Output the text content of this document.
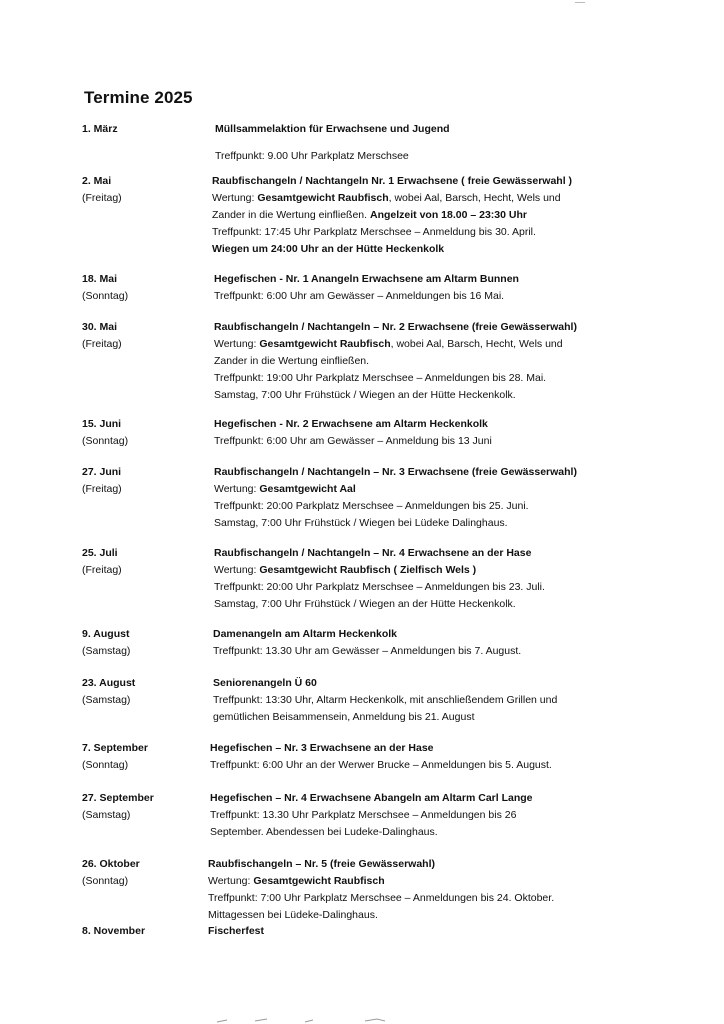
Termine 2025
1. März	Müllsammelaktion für Erwachsene und Jugend
Treffpunkt: 9.00 Uhr Parkplatz Merschsee
2. Mai
(Freitag)
Raubfischangeln / Nachtangeln Nr. 1 Erwachsene ( freie Gewässerwahl )
Wertung: Gesamtgewicht Raubfisch, wobei Aal, Barsch, Hecht, Wels und
Zander in die Wertung einfließen. Angelzeit von 18.00 – 23:30 Uhr
Treffpunkt: 17:45 Uhr Parkplatz Merschsee – Anmeldung bis 30. April.
Wiegen um 24:00 Uhr an der Hütte Heckenkolk
18. Mai
(Sonntag)
Hegefischen - Nr. 1 Anangeln Erwachsene am Altarm Bunnen
Treffpunkt: 6:00 Uhr am Gewässer – Anmeldungen bis 16 Mai.
30. Mai
(Freitag)
Raubfischangeln / Nachtangeln – Nr. 2 Erwachsene (freie Gewässerwahl)
Wertung: Gesamtgewicht Raubfisch, wobei Aal, Barsch, Hecht, Wels und
Zander in die Wertung einfließen.
Treffpunkt: 19:00 Uhr Parkplatz Merschsee – Anmeldungen bis 28. Mai.
Samstag, 7:00 Uhr Frühstück / Wiegen an der Hütte Heckenkolk.
15. Juni
(Sonntag)
Hegefischen - Nr. 2 Erwachsene am Altarm Heckenkolk
Treffpunkt: 6:00 Uhr am Gewässer – Anmeldung bis 13 Juni
27. Juni
(Freitag)
Raubfischangeln / Nachtangeln – Nr. 3 Erwachsene (freie Gewässerwahl)
Wertung: Gesamtgewicht Aal
Treffpunkt: 20:00 Parkplatz Merschsee – Anmeldungen bis 25. Juni.
Samstag, 7:00 Uhr Frühstück / Wiegen bei Lüdeke Dalinghaus.
25. Juli
(Freitag)
Raubfischangeln / Nachtangeln – Nr. 4 Erwachsene an der Hase
Wertung: Gesamtgewicht Raubfisch ( Zielfisch Wels )
Treffpunkt: 20:00 Uhr Parkplatz Merschsee – Anmeldungen bis 23. Juli.
Samstag, 7:00 Uhr Frühstück / Wiegen an der Hütte Heckenkolk.
9. August
(Samstag)
Damenangeln am Altarm Heckenkolk
Treffpunkt: 13.30 Uhr am Gewässer – Anmeldungen bis 7. August.
23. August
(Samstag)
Seniorenangeln Ü 60
Treffpunkt: 13:30 Uhr, Altarm Heckenkolk, mit anschließendem Grillen und
gemütlichen Beisammensein, Anmeldung bis 21. August
7. September
(Sonntag)
Hegefischen – Nr. 3 Erwachsene an der Hase
Treffpunkt: 6:00 Uhr an der Werwer Brucke – Anmeldungen bis 5. August.
27. September
(Samstag)
Hegefischen – Nr. 4 Erwachsene Abangeln am Altarm Carl Lange
Treffpunkt: 13.30 Uhr Parkplatz Merschsee – Anmeldungen bis 26
September. Abendessen bei Ludeke-Dalinghaus.
26. Oktober
(Sonntag)
Raubfischangeln – Nr. 5 (freie Gewässerwahl)
Wertung: Gesamtgewicht Raubfisch
Treffpunkt: 7:00 Uhr Parkplatz Merschsee – Anmeldungen bis 24. Oktober.
Mittagessen bei Lüdeke-Dalinghaus.
8. November	Fischerfest
